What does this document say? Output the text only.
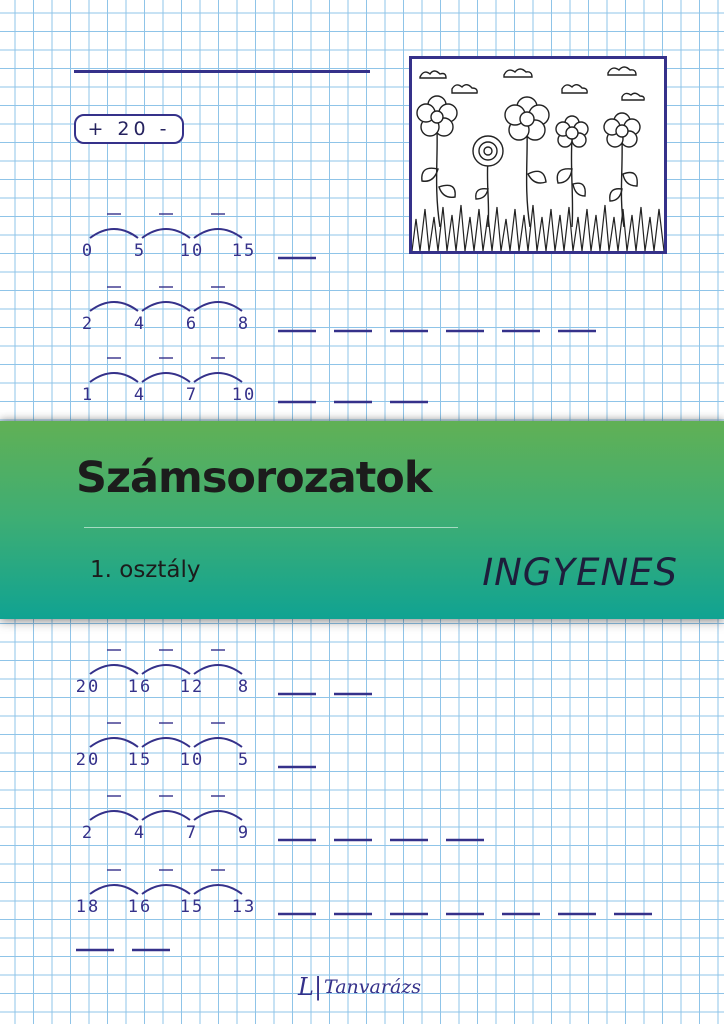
+ 20 -
0 5 10 15
2 4 6 8
1 4 7 10
20 16 12 8
20 15 10 5
2 4 7 9
18 16 15 13
Számsorozatok
1. osztály	INGYENES
L| Tanvarázs
